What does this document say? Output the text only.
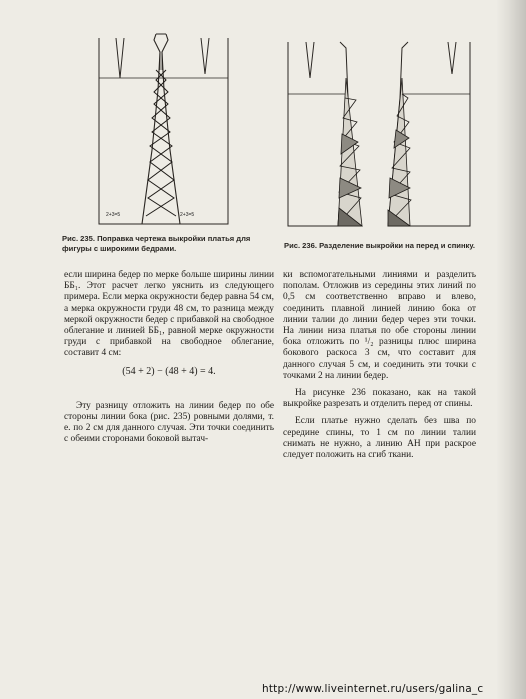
2+3=5	2+3=5

Рис. 235. Поправка чертежа выкройки платья для фигуры с широкими бедрами.	Рис. 236. Разделение выкройки на перед и спинку.

если ширина бедер по мерке больше ширины линии ББ₁. Этот расчет легко уяснить из следующего примера. Если мерка окружности бедер равна 54 см, а мерка окружности груди 48 см, то разница между меркой окружности бедер с прибавкой на свободное облегание и линией ББ₁, равной мерке окружности груди с прибавкой на свободное облегание, составит 4 см:

(54 + 2) − (48 + 4) = 4.

Эту разницу отложить на линии бедер по обе стороны линии бока (рис. 235) ровными долями, т. е. по 2 см для данного случая. Эти точки соединить с обеими сторонами боковой вытач-

ки вспомогательными линиями и разделить пополам. Отложив из середины этих линий по 0,5 см соответственно вправо и влево, соединить плавной линией линию бока от линии талии до линии бедер через эти точки. На линии низа платья по обе стороны линии бока отложить по ¹/₂ разницы плюс ширина бокового раскоса 3 см, что составит для данного случая 5 см, и соединить эти точки с точками 2 на линии бедер.

На рисунке 236 показано, как на такой выкройке разрезать и отделить перед от спины.

Если платье нужно сделать без шва по середине спины, то 1 см по линии талии снимать не нужно, а линию АН при раскрое следует положить на сгиб ткани.

http://www.liveinternet.ru/users/galina_c
